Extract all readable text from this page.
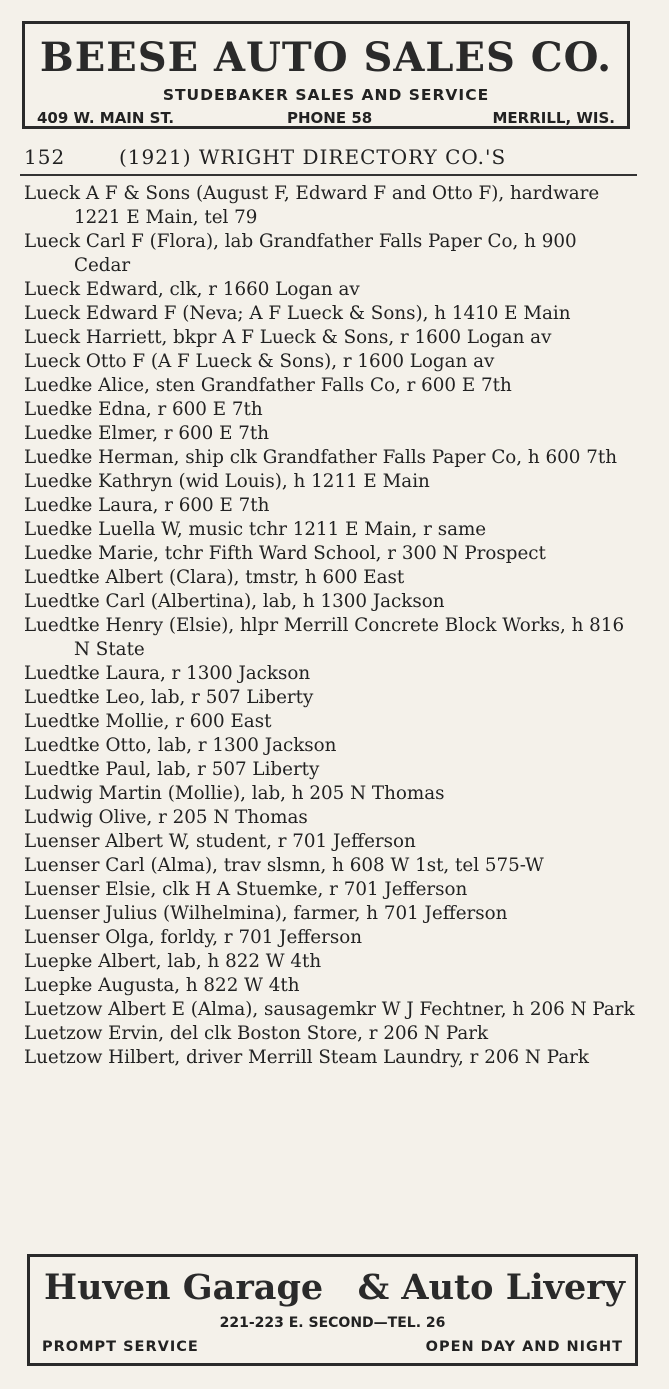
BEESE AUTO SALES CO.
STUDEBAKER SALES AND SERVICE
409 W. MAIN ST.	PHONE 58	MERRILL, WIS.
152	(1921) WRIGHT DIRECTORY CO.'S
Lueck A F & Sons (August F, Edward F and Otto F), hardware 1221 E Main, tel 79
Lueck Carl F (Flora), lab Grandfather Falls Paper Co, h 900 Cedar
Lueck Edward, clk, r 1660 Logan av
Lueck Edward F (Neva; A F Lueck & Sons), h 1410 E Main
Lueck Harriett, bkpr A F Lueck & Sons, r 1600 Logan av
Lueck Otto F (A F Lueck & Sons), r 1600 Logan av
Luedke Alice, sten Grandfather Falls Co, r 600 E 7th
Luedke Edna, r 600 E 7th
Luedke Elmer, r 600 E 7th
Luedke Herman, ship clk Grandfather Falls Paper Co, h 600 7th
Luedke Kathryn (wid Louis), h 1211 E Main
Luedke Laura, r 600 E 7th
Luedke Luella W, music tchr 1211 E Main, r same
Luedke Marie, tchr Fifth Ward School, r 300 N Prospect
Luedtke Albert (Clara), tmstr, h 600 East
Luedtke Carl (Albertina), lab, h 1300 Jackson
Luedtke Henry (Elsie), hlpr Merrill Concrete Block Works, h 816 N State
Luedtke Laura, r 1300 Jackson
Luedtke Leo, lab, r 507 Liberty
Luedtke Mollie, r 600 East
Luedtke Otto, lab, r 1300 Jackson
Luedtke Paul, lab, r 507 Liberty
Ludwig Martin (Mollie), lab, h 205 N Thomas
Ludwig Olive, r 205 N Thomas
Luenser Albert W, student, r 701 Jefferson
Luenser Carl (Alma), trav slsmn, h 608 W 1st, tel 575-W
Luenser Elsie, clk H A Stuemke, r 701 Jefferson
Luenser Julius (Wilhelmina), farmer, h 701 Jefferson
Luenser Olga, forldy, r 701 Jefferson
Luepke Albert, lab, h 822 W 4th
Luepke Augusta, h 822 W 4th
Luetzow Albert E (Alma), sausagemkr W J Fechtner, h 206 N Park
Luetzow Ervin, del clk Boston Store, r 206 N Park
Luetzow Hilbert, driver Merrill Steam Laundry, r 206 N Park
Huven Garage & Auto Livery
221-223 E. SECOND—TEL. 26
PROMPT SERVICE	OPEN DAY AND NIGHT
